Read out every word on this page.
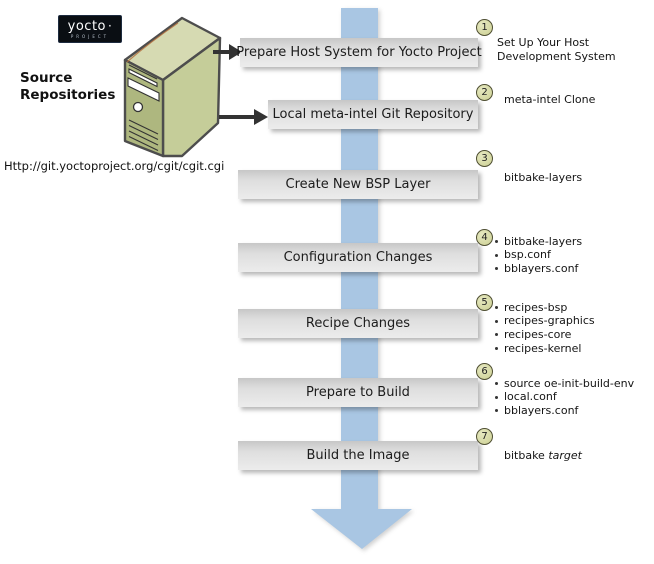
yocto ·
PROJECT
Source Repositories
Http://git.yoctoproject.org/cgit/cgit.cgi
Prepare Host System for Yocto Project
Local meta-intel Git Repository
Create New BSP Layer
Configuration Changes
Recipe Changes
Prepare to Build
Build the Image
1
2
3
4
5
6
7
Set Up Your Host
Development System
meta-intel Clone
bitbake-layers
bitbake-layers
bsp.conf
bblayers.conf
recipes-bsp
recipes-graphics
recipes-core
recipes-kernel
source oe-init-build-env
local.conf
bblayers.conf
bitbake target
